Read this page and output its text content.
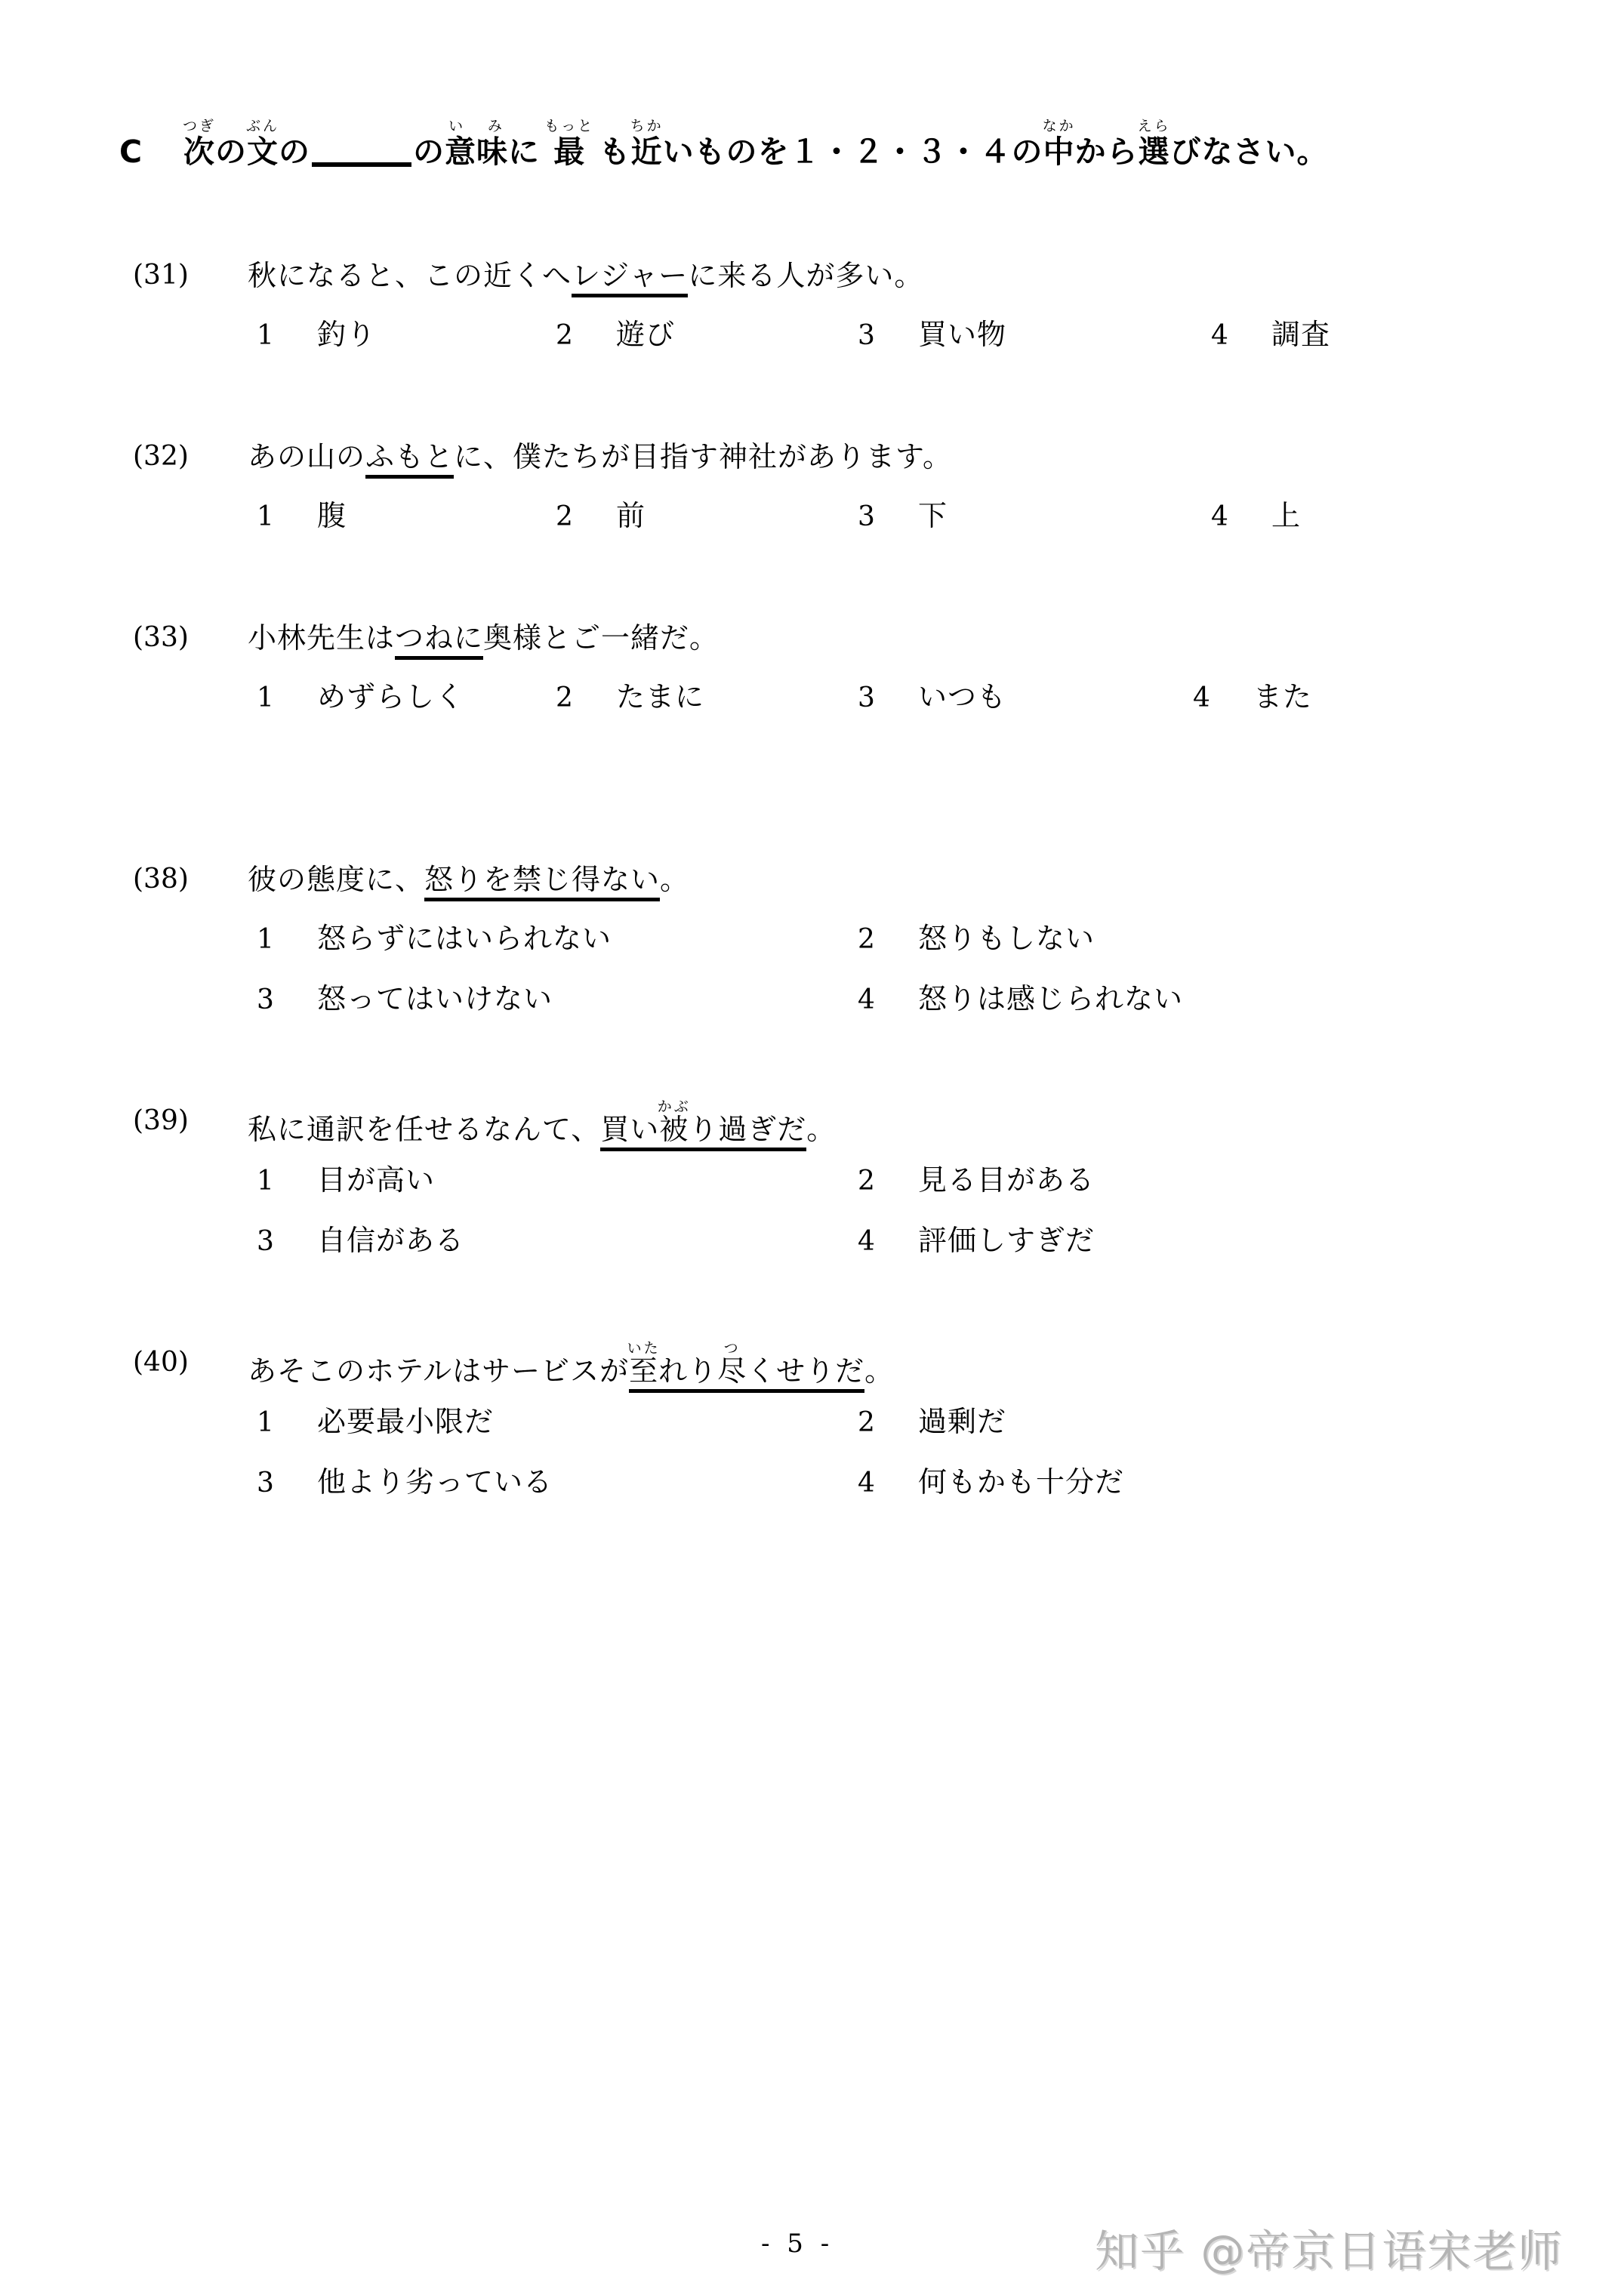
C 次つぎの文ぶんの	の意味い みに 最もっと も近ちかいものを１・２・３・４の中なかから選えらびなさい。
(31) 秋になると、この近くへレジャーに来る人が多い。
1 釣り	2 遊び	3 買い物	4 調査
(32) あの山のふもとに、僕たちが目指す神社があります。
1 腹	2 前	3 下	4 上
(33) 小林先生はつねに奥様とご一緒だ。
1 めずらしく	2 たまに	3 いつも	4 また
(38) 彼の態度に、怒りを禁じ得ない。
1 怒らずにはいられない	2 怒りもしない
3 怒ってはいけない	4 怒りは感じられない
(39) 私に通訳を任せるなんて、買い被かぶり過ぎだ。
1 目が高い	2 見る目がある
3 自信がある	4 評価しすぎだ
(40) あそこのホテルはサービスが至いたれり尽つくせりだ。
1 必要最小限だ	2 過剰だ
3 他より劣っている	4 何もかも十分だ
- 5 -	知乎 @帝京日语宋老师
